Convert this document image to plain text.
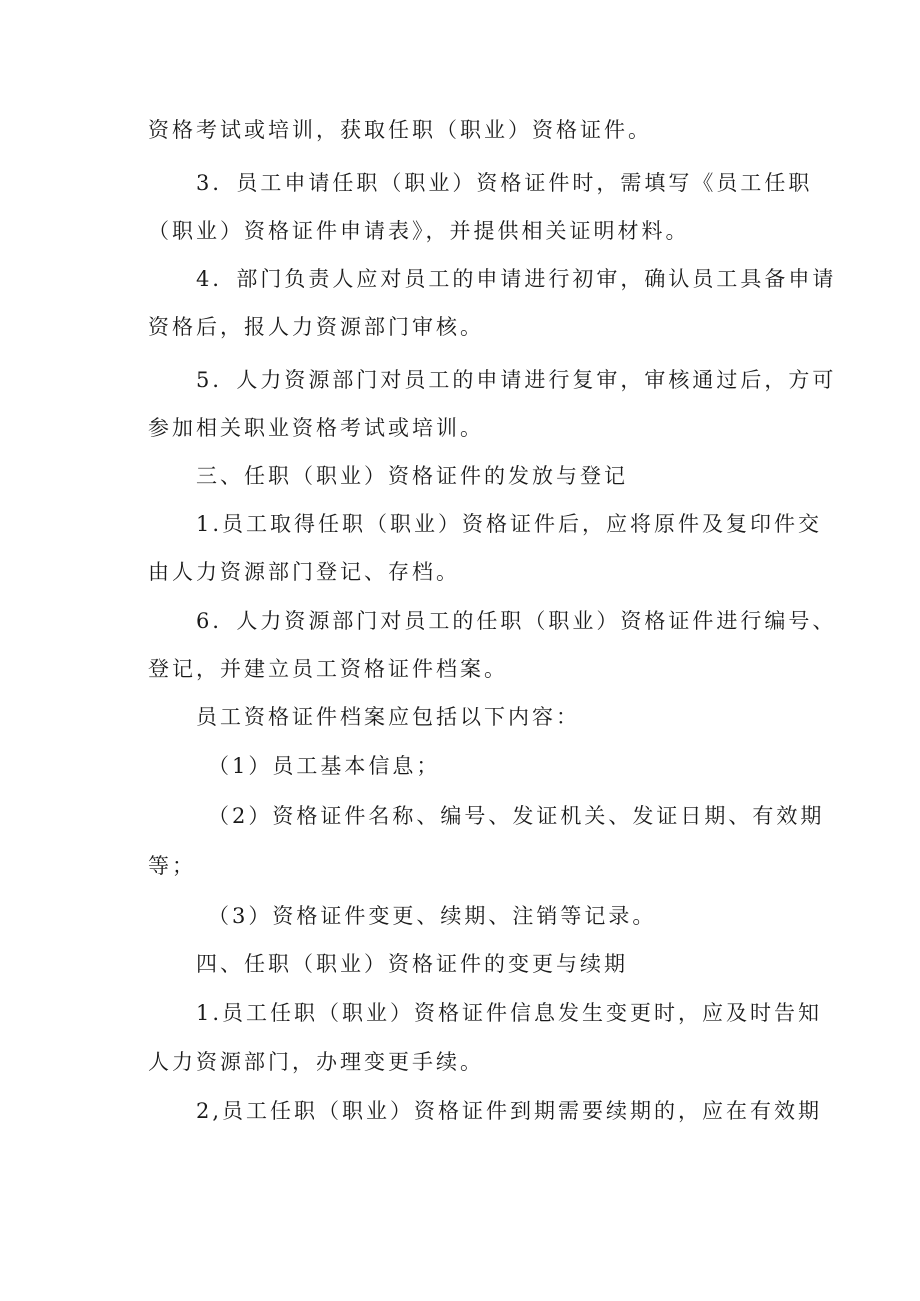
资格考试或培训，获取任职（职业）资格证件。
3．员工申请任职（职业）资格证件时，需填写《员工任职
（职业）资格证件申请表》，并提供相关证明材料。
4．部门负责人应对员工的申请进行初审，确认员工具备申请
资格后，报人力资源部门审核。
5．人力资源部门对员工的申请进行复审，审核通过后，方可
参加相关职业资格考试或培训。
三、任职（职业）资格证件的发放与登记
1.员工取得任职（职业）资格证件后，应将原件及复印件交
由人力资源部门登记、存档。
6．人力资源部门对员工的任职（职业）资格证件进行编号、
登记，并建立员工资格证件档案。
员工资格证件档案应包括以下内容：
（1）员工基本信息；
（2）资格证件名称、编号、发证机关、发证日期、有效期
等；
（3）资格证件变更、续期、注销等记录。
四、任职（职业）资格证件的变更与续期
1.员工任职（职业）资格证件信息发生变更时，应及时告知
人力资源部门，办理变更手续。
2,员工任职（职业）资格证件到期需要续期的，应在有效期
